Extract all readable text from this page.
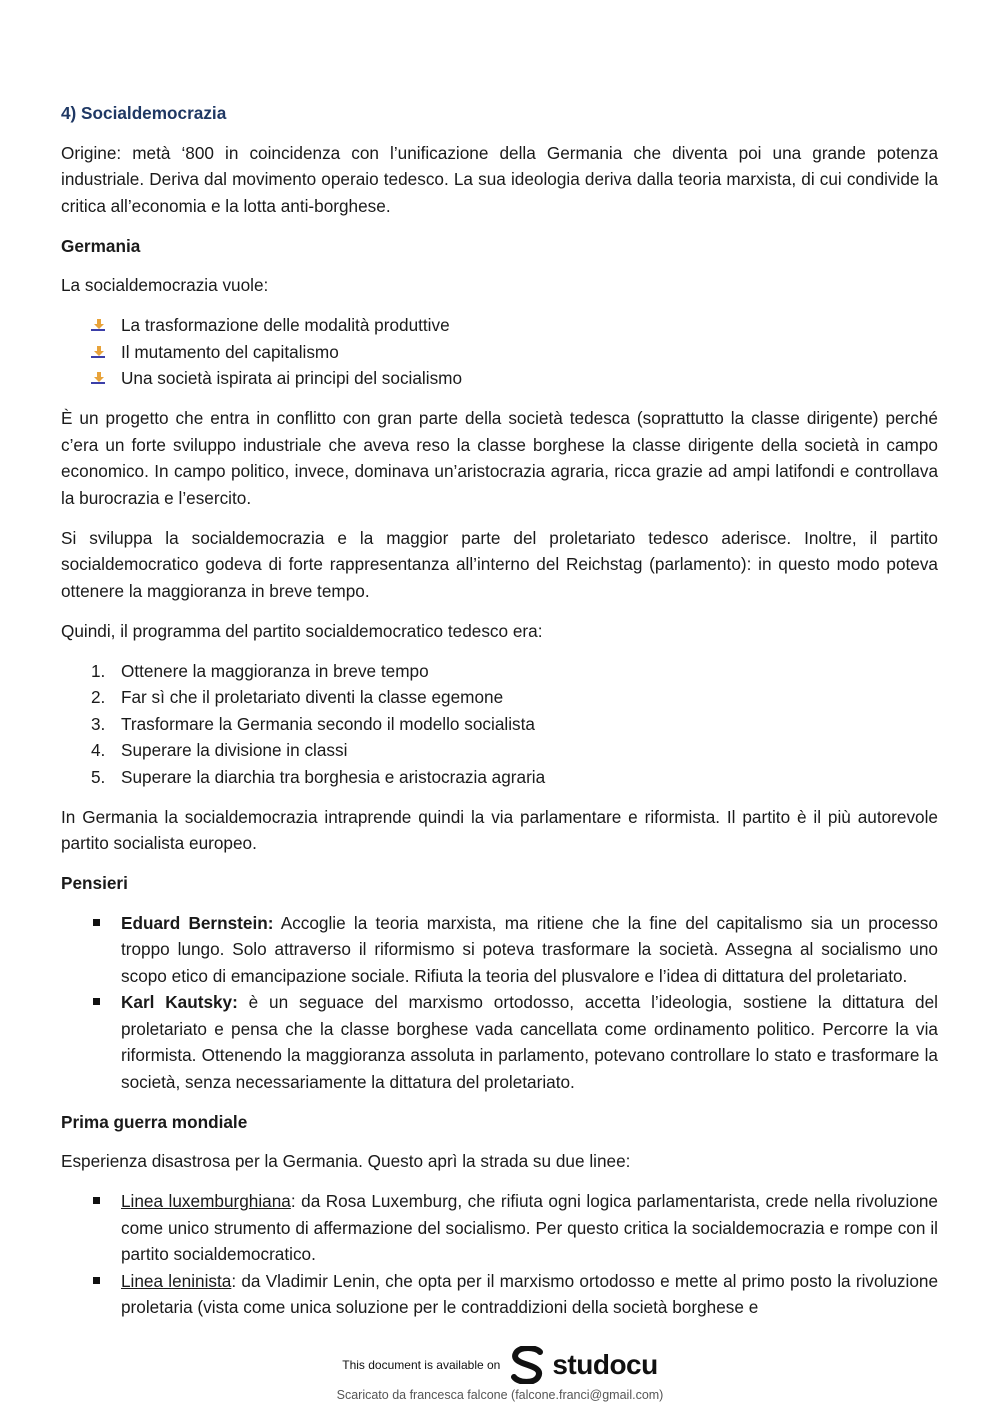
4) Socialdemocrazia

Origine: metà ‘800 in coincidenza con l’unificazione della Germania che diventa poi una grande potenza industriale. Deriva dal movimento operaio tedesco. La sua ideologia deriva dalla teoria marxista, di cui condivide la critica all’economia e la lotta anti-borghese.

Germania

La socialdemocrazia vuole:

La trasformazione delle modalità produttive
Il mutamento del capitalismo
Una società ispirata ai principi del socialismo

È un progetto che entra in conflitto con gran parte della società tedesca (soprattutto la classe dirigente) perché c’era un forte sviluppo industriale che aveva reso la classe borghese la classe dirigente della società in campo economico. In campo politico, invece, dominava un’aristocrazia agraria, ricca grazie ad ampi latifondi e controllava la burocrazia e l’esercito.

Si sviluppa la socialdemocrazia e la maggior parte del proletariato tedesco aderisce. Inoltre, il partito socialdemocratico godeva di forte rappresentanza all’interno del Reichstag (parlamento): in questo modo poteva ottenere la maggioranza in breve tempo.

Quindi, il programma del partito socialdemocratico tedesco era:

1. Ottenere la maggioranza in breve tempo
2. Far sì che il proletariato diventi la classe egemone
3. Trasformare la Germania secondo il modello socialista
4. Superare la divisione in classi
5. Superare la diarchia tra borghesia e aristocrazia agraria

In Germania la socialdemocrazia intraprende quindi la via parlamentare e riformista. Il partito è il più autorevole partito socialista europeo.

Pensieri
Eduard Bernstein: Accoglie la teoria marxista, ma ritiene che la fine del capitalismo sia un processo troppo lungo. Solo attraverso il riformismo si poteva trasformare la società. Assegna al socialismo uno scopo etico di emancipazione sociale. Rifiuta la teoria del plusvalore e l’idea di dittatura del proletariato.
Karl Kautsky: è un seguace del marxismo ortodosso, accetta l’ideologia, sostiene la dittatura del proletariato e pensa che la classe borghese vada cancellata come ordinamento politico. Percorre la via riformista. Ottenendo la maggioranza assoluta in parlamento, potevano controllare lo stato e trasformare la società, senza necessariamente la dittatura del proletariato.
Prima guerra mondiale

Esperienza disastrosa per la Germania. Questo aprì la strada su due linee:

Linea luxemburghiana: da Rosa Luxemburg, che rifiuta ogni logica parlamentarista, crede nella rivoluzione come unico strumento di affermazione del socialismo. Per questo critica la socialdemocrazia e rompe con il partito socialdemocratico.
Linea leninista: da Vladimir Lenin, che opta per il marxismo ortodosso e mette al primo posto la rivoluzione proletaria (vista come unica soluzione per le contraddizioni della società borghese e
This document is available on studocu
Scaricato da francesca falcone (falcone.franci@gmail.com)
